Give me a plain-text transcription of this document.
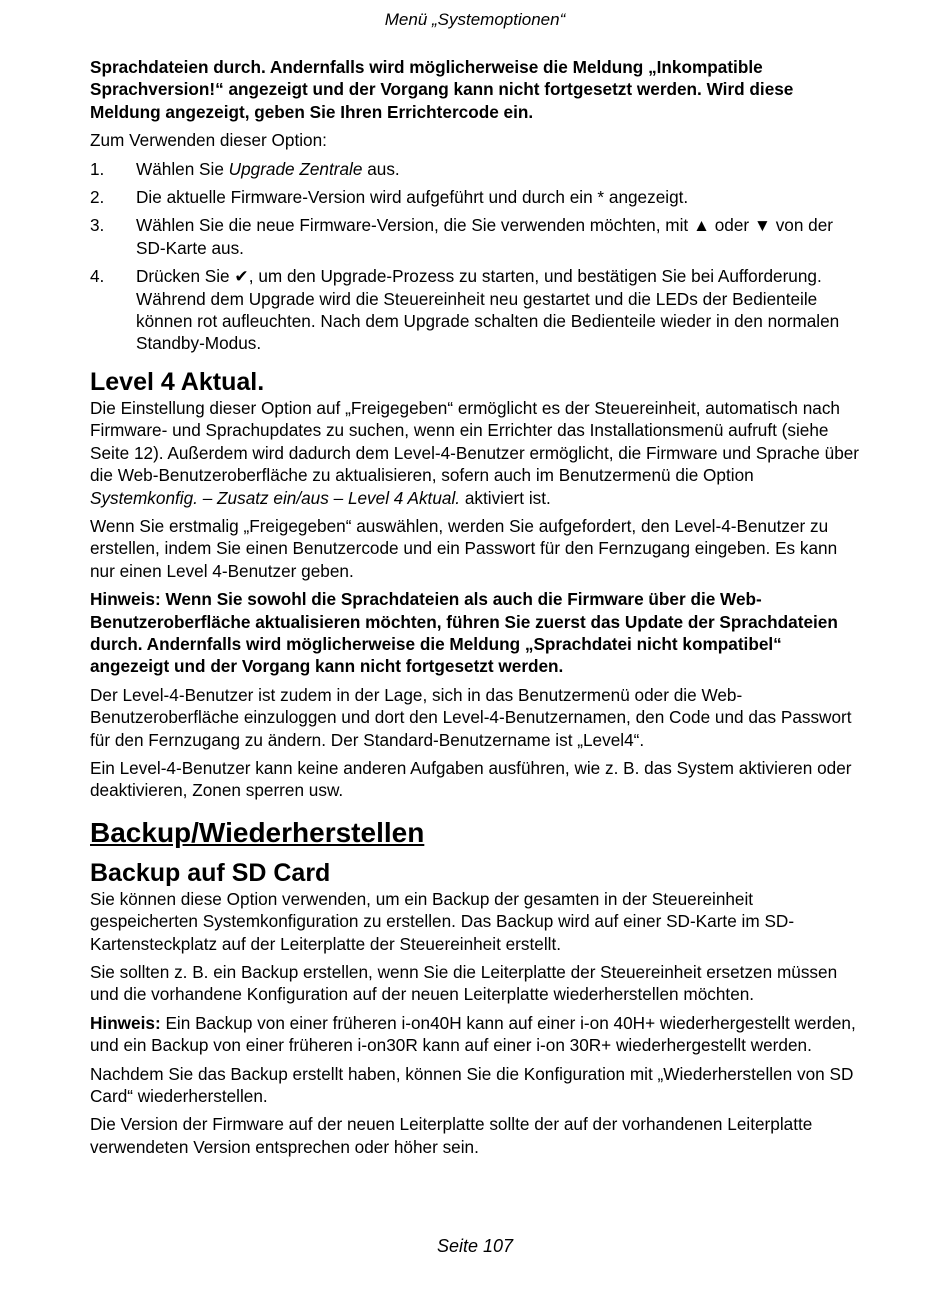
Menü „Systemoptionen“

Sprachdateien durch. Andernfalls wird möglicherweise die Meldung „Inkompatible Sprachversion!“ angezeigt und der Vorgang kann nicht fortgesetzt werden. Wird diese Meldung angezeigt, geben Sie Ihren Errichtercode ein.

Zum Verwenden dieser Option:

1.	Wählen Sie Upgrade Zentrale aus.
2.	Die aktuelle Firmware-Version wird aufgeführt und durch ein * angezeigt.
3.	Wählen Sie die neue Firmware-Version, die Sie verwenden möchten, mit ▲ oder ▼ von der SD-Karte aus.
4.	Drücken Sie ✔, um den Upgrade-Prozess zu starten, und bestätigen Sie bei Aufforderung. Während dem Upgrade wird die Steuereinheit neu gestartet und die LEDs der Bedienteile können rot aufleuchten. Nach dem Upgrade schalten die Bedienteile wieder in den normalen Standby-Modus.
Level 4 Aktual.

Die Einstellung dieser Option auf „Freigegeben“ ermöglicht es der Steuereinheit, automatisch nach Firmware- und Sprachupdates zu suchen, wenn ein Errichter das Installationsmenü aufruft (siehe Seite 12). Außerdem wird dadurch dem Level-4-Benutzer ermöglicht, die Firmware und Sprache über die Web-Benutzeroberfläche zu aktualisieren, sofern auch im Benutzermenü die Option Systemkonfig. – Zusatz ein/aus – Level 4 Aktual. aktiviert ist.

Wenn Sie erstmalig „Freigegeben“ auswählen, werden Sie aufgefordert, den Level-4-Benutzer zu erstellen, indem Sie einen Benutzercode und ein Passwort für den Fernzugang eingeben. Es kann nur einen Level 4-Benutzer geben.

Hinweis: Wenn Sie sowohl die Sprachdateien als auch die Firmware über die Web-Benutzeroberfläche aktualisieren möchten, führen Sie zuerst das Update der Sprachdateien durch. Andernfalls wird möglicherweise die Meldung „Sprachdatei nicht kompatibel“ angezeigt und der Vorgang kann nicht fortgesetzt werden.

Der Level-4-Benutzer ist zudem in der Lage, sich in das Benutzermenü oder die Web-Benutzeroberfläche einzuloggen und dort den Level-4-Benutzernamen, den Code und das Passwort für den Fernzugang zu ändern. Der Standard-Benutzername ist „Level4“.

Ein Level-4-Benutzer kann keine anderen Aufgaben ausführen, wie z. B. das System aktivieren oder deaktivieren, Zonen sperren usw.

Backup/Wiederherstellen
Backup auf SD Card

Sie können diese Option verwenden, um ein Backup der gesamten in der Steuereinheit gespeicherten Systemkonfiguration zu erstellen. Das Backup wird auf einer SD-Karte im SD-Kartensteckplatz auf der Leiterplatte der Steuereinheit erstellt.

Sie sollten z. B. ein Backup erstellen, wenn Sie die Leiterplatte der Steuereinheit ersetzen müssen und die vorhandene Konfiguration auf der neuen Leiterplatte wiederherstellen möchten.

Hinweis: Ein Backup von einer früheren i-on40H kann auf einer i-on 40H+ wiederhergestellt werden, und ein Backup von einer früheren i-on30R kann auf einer i-on 30R+ wiederhergestellt werden.

Nachdem Sie das Backup erstellt haben, können Sie die Konfiguration mit „Wiederherstellen von SD Card“ wiederherstellen.

Die Version der Firmware auf der neuen Leiterplatte sollte der auf der vorhandenen Leiterplatte verwendeten Version entsprechen oder höher sein.

Seite 107
